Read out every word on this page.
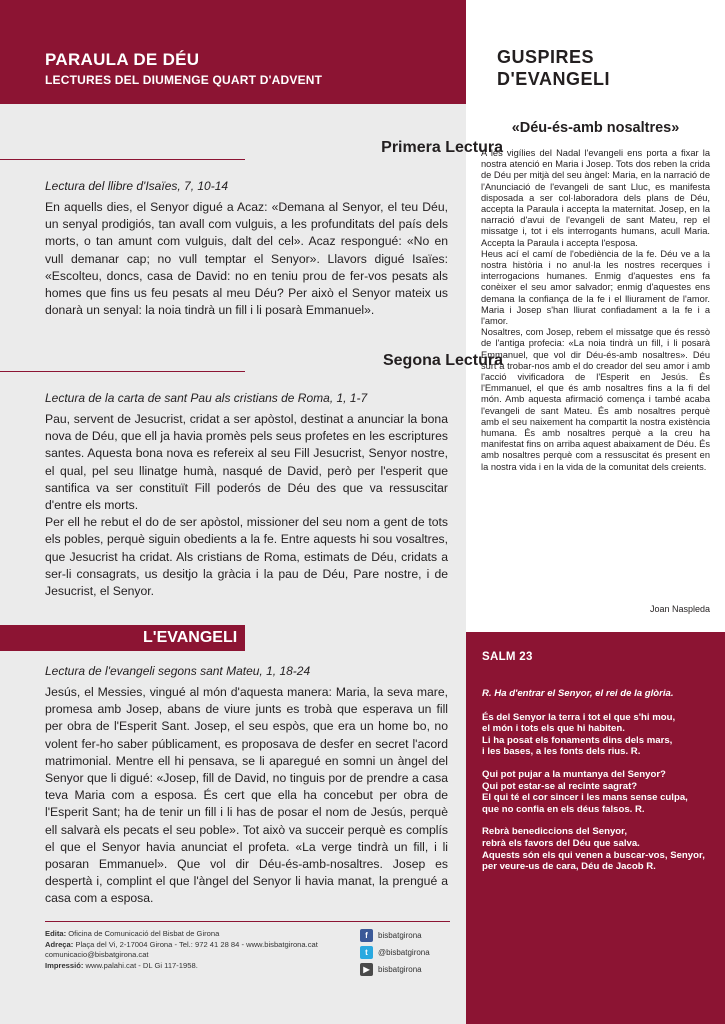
PARAULA DE DÉU
LECTURES DEL DIUMENGE QUART D'ADVENT
Primera Lectura
Lectura del llibre d'Isaïes, 7, 10-14

En aquells dies, el Senyor digué a Acaz: «Demana al Senyor, el teu Déu, un senyal prodigiós, tan avall com vulguis, a les profunditats del país dels morts, o tan amunt com vulguis, dalt del cel». Acaz respongué: «No en vull demanar cap; no vull temptar el Senyor». Llavors digué Isaïes: «Escolteu, doncs, casa de David: no en teniu prou de fer-vos pesats als homes que fins us feu pesats al meu Déu? Per això el Senyor mateix us donarà un senyal: la noia tindrà un fill i li posarà Emmanuel».

Segona Lectura
Lectura de la carta de sant Pau als cristians de Roma, 1, 1-7

Pau, servent de Jesucrist, cridat a ser apòstol, destinat a anunciar la bona nova de Déu, que ell ja havia promès pels seus profetes en les escriptures santes. Aquesta bona nova es refereix al seu Fill Jesucrist, Senyor nostre, el qual, pel seu llinatge humà, nasqué de David, però per l'esperit que santifica va ser constituït Fill poderós de Déu des que va ressuscitar d'entre els morts.

Per ell he rebut el do de ser apòstol, missioner del seu nom a gent de tots els pobles, perquè siguin obedients a la fe. Entre aquests hi sou vosaltres, que Jesucrist ha cridat. Als cristians de Roma, estimats de Déu, cridats a ser-li consagrats, us desitjo la gràcia i la pau de Déu, Pare nostre, i de Jesucrist, el Senyor.

L'EVANGELI
Lectura de l'evangeli segons sant Mateu, 1, 18-24

Jesús, el Messies, vingué al món d'aquesta manera: Maria, la seva mare, promesa amb Josep, abans de viure junts es trobà que esperava un fill per obra de l'Esperit Sant. Josep, el seu espòs, que era un home bo, no volent fer-ho saber públicament, es proposava de desfer en secret l'acord matrimonial. Mentre ell hi pensava, se li aparegué en somni un àngel del Senyor que li digué: «Josep, fill de David, no tinguis por de prendre a casa teva Maria com a esposa. És cert que ella ha concebut per obra de l'Esperit Sant; ha de tenir un fill i li has de posar el nom de Jesús, perquè ell salvarà els pecats el seu poble». Tot això va succeir perquè es complís el que el Senyor havia anunciat el profeta. «La verge tindrà un fill, i li posaran Emmanuel». Que vol dir Déu-és-amb-nosaltres. Josep es despertà i, complint el que l'àngel del Senyor li havia manat, la prengué a casa com a esposa.

Edita: Oficina de Comunicació del Bisbat de Girona
Adreça: Plaça del Vi, 2-17004 Girona - Tel.: 972 41 28 84 - www.bisbatgirona.cat
comunicacio@bisbatgirona.cat
Impressió: www.palahi.cat - DL Gi 117-1958.
f	bisbatgirona
t	@bisbatgirona
▶	bisbatgirona
GUSPIRES
D'EVANGELI
«Déu-és-amb nosaltres»

A les vigílies del Nadal l'evangeli ens porta a fixar la nostra atenció en Maria i Josep. Tots dos reben la crida de Déu per mitjà del seu àngel: Maria, en la narració de l'Anunciació de l'evangeli de sant Lluc, es manifesta disposada a ser col·laboradora dels plans de Déu, accepta la Paraula i accepta la maternitat. Josep, en la narració d'avui de l'evangeli de sant Mateu, rep el missatge i, tot i els interrogants humans, acull Maria. Accepta la Paraula i accepta l'esposa.

Heus ací el camí de l'obediència de la fe. Déu ve a la nostra història i no anul·la les nostres recerques i interrogacions humanes. Enmig d'aquestes ens fa conèixer el seu amor salvador; enmig d'aquestes ens demana la confiança de la fe i el lliurament de l'amor. Maria i Josep s'han lliurat confiadament a la fe i a l'amor.

Nosaltres, com Josep, rebem el missatge que és ressò de l'antiga profecia: «La noia tindrà un fill, i li posarà Emmanuel, que vol dir Déu-és-amb nosaltres». Déu surt a trobar-nos amb el do creador del seu amor i amb l'acció vivificadora de l'Esperit en Jesús. És l'Emmanuel, el que és amb nosaltres fins a la fi del món. Amb aquesta afirmació comença i també acaba l'evangeli de sant Mateu. És amb nosaltres perquè amb el seu naixement ha compartit la nostra existència humana. És amb nosaltres perquè a la creu ha manifestat fins on arriba aquest abaixament de Déu. És amb nosaltres perquè com a ressuscitat és present en la nostra vida i en la vida de la comunitat dels creients.

Joan Naspleda
SALM 23
R. Ha d'entrar el Senyor, el rei de la glòria.
És del Senyor la terra i tot el que s'hi mou,
el món i tots els que hi habiten.
Li ha posat els fonaments dins dels mars,
i les bases, a les fonts dels rius. R.
Qui pot pujar a la muntanya del Senyor?
Qui pot estar-se al recinte sagrat?
El qui té el cor sincer i les mans sense culpa,
que no confia en els déus falsos. R.
Rebrà benediccions del Senyor,
rebrà els favors del Déu que salva.
Aquests són els qui venen a buscar-vos, Senyor,
per veure-us de cara, Déu de Jacob R.
